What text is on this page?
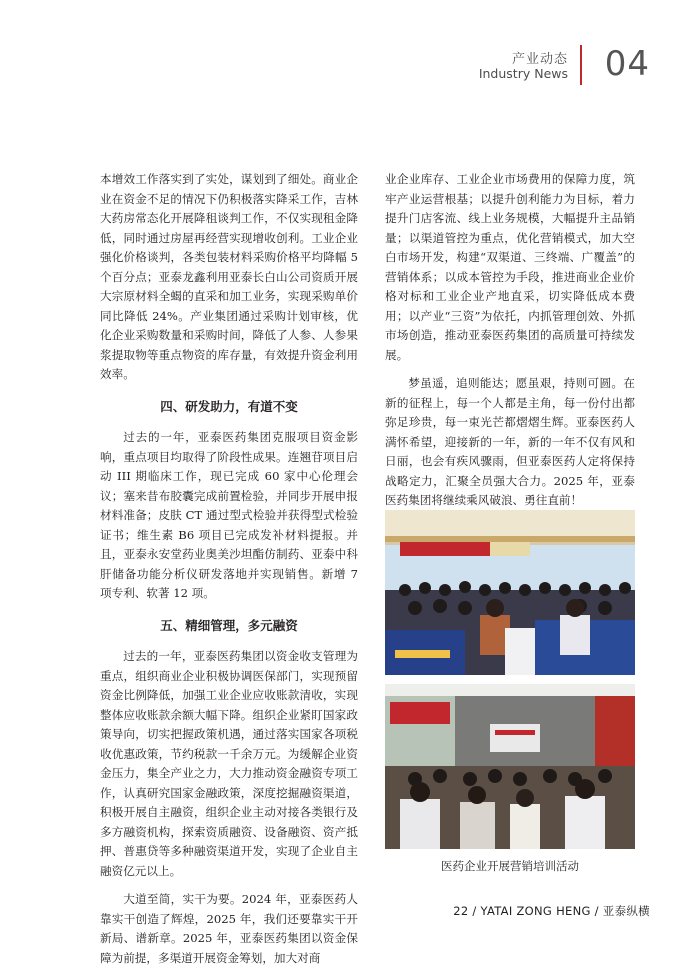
产业动态
Industry News 04

本增效工作落实到了实处，谋划到了细处。商业企业在资金不足的情况下仍积极落实降采工作，吉林大药房常态化开展降租谈判工作，不仅实现租金降低，同时通过房屋再经营实现增收创利。工业企业强化价格谈判，各类包装材料采购价格平均降幅 5 个百分点；亚泰龙鑫利用亚泰长白山公司资质开展大宗原材料全蝎的直采和加工业务，实现采购单价同比降低 24%。产业集团通过采购计划审核，优化企业采购数量和采购时间，降低了人参、人参果浆提取物等重点物资的库存量，有效提升资金利用效率。

四、研发助力，有道不变

过去的一年，亚泰医药集团克服项目资金影响，重点项目均取得了阶段性成果。连翘苷项目启动 III 期临床工作，现已完成 60 家中心伦理会议；塞来昔布胶囊完成前置检验，并同步开展申报材料准备；皮肤 CT 通过型式检验并获得型式检验证书；维生素 B6 项目已完成发补材料提报。并且，亚泰永安堂药业奥美沙坦酯仿制药、亚泰中科肝储备功能分析仪研发落地并实现销售。新增 7 项专利、软著 12 项。

五、精细管理，多元融资

过去的一年，亚泰医药集团以资金收支管理为重点，组织商业企业积极协调医保部门，实现预留资金比例降低，加强工业企业应收账款清收，实现整体应收账款余额大幅下降。组织企业紧盯国家政策导向，切实把握政策机遇，通过落实国家各项税收优惠政策，节约税款一千余万元。为缓解企业资金压力，集全产业之力，大力推动资金融资专项工作，认真研究国家金融政策，深度挖掘融资渠道，积极开展自主融资，组织企业主动对接各类银行及多方融资机构，探索资质融资、设备融资、资产抵押、普惠贷等多种融资渠道开发，实现了企业自主融资亿元以上。

大道至简，实干为要。2024 年，亚泰医药人靠实干创造了辉煌，2025 年，我们还要靠实干开新局、谱新章。2025 年，亚泰医药集团以资金保障为前提，多渠道开展资金筹划，加大对商

业企业库存、工业企业市场费用的保障力度，筑牢产业运营根基；以提升创利能力为目标，着力提升门店客流、线上业务规模，大幅提升主品销量；以渠道管控为重点，优化营销模式，加大空白市场开发，构建“双渠道、三终端、广覆盖”的营销体系；以成本管控为手段，推进商业企业价格对标和工业企业产地直采，切实降低成本费用；以产业“三资”为依托，内抓管理创效、外抓市场创造，推动亚泰医药集团的高质量可持续发展。

梦虽遥，追则能达；愿虽艰，持则可圆。在新的征程上，每一个人都是主角，每一份付出都弥足珍贵，每一束光芒都熠熠生辉。亚泰医药人满怀希望，迎接新的一年，新的一年不仅有风和日丽，也会有疾风骤雨，但亚泰医药人定将保持战略定力，汇聚全员强大合力。2025 年，亚泰医药集团将继续乘风破浪、勇往直前！

医药企业开展营销培训活动
22 / YATAI ZONG HENG / 亚泰纵横
